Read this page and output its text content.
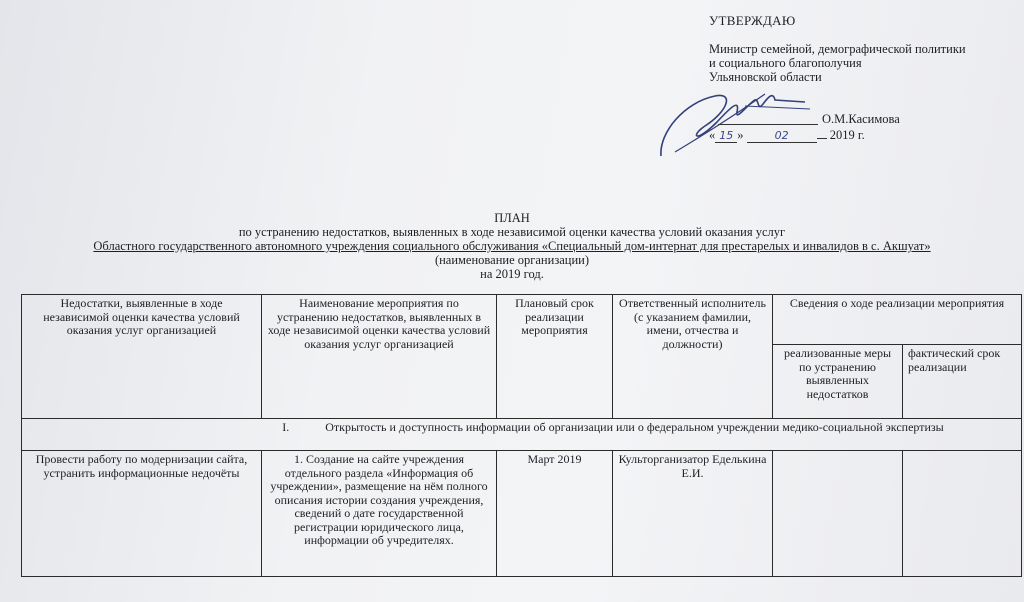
УТВЕРЖДАЮ
Министр семейной, демографической политики
и социального благополучия
Ульяновской области
О.М.Касимова
« 15 »	02	2019 г.
ПЛАН
по устранению недостатков, выявленных в ходе независимой оценки качества условий оказания услуг
Областного государственного автономного учреждения социального обслуживания «Специальный дом-интернат для престарелых и инвалидов в с. Акшуат»
(наименование организации)
на 2019 год.
Недостатки, выявленные в ходе независимой оценки качества условий оказания услуг организацией	Наименование мероприятия по устранению недостатков, выявленных в ходе независимой оценки качества условий оказания услуг организацией	Плановый срок реализации мероприятия	Ответственный исполнитель (с указанием фамилии, имени, отчества и должности)	Сведения о ходе реализации мероприятия	
				реализованные меры по устранению выявленных недостатков	фактический срок реализации
I. Открытость и доступность информации об организации или о федеральном учреждении медико-социальной экспертизы					
Провести работу по модернизации сайта, устранить информационные недочёты	1. Создание на сайте учреждения отдельного раздела «Информация об учреждении», размещение на нём полного описания истории создания учреждения, сведений о дате государственной регистрации юридического лица, информации об учредителях.	Март 2019	Культорганизатор Еделькина Е.И.		
